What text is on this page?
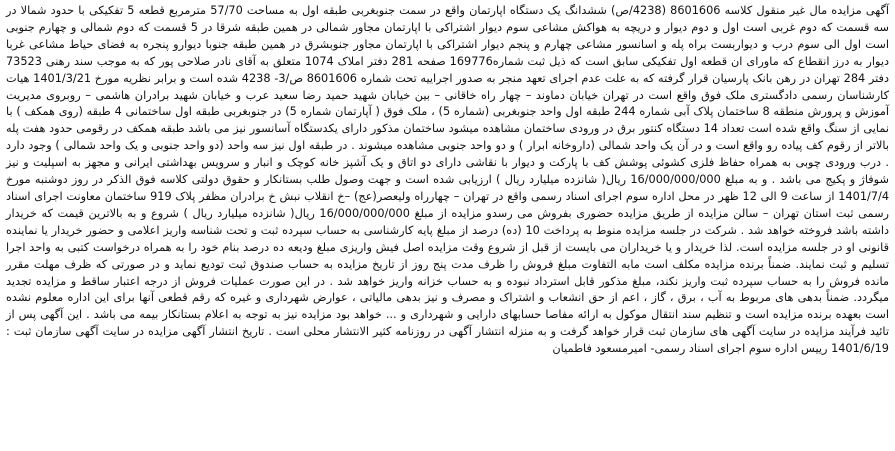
آگهی مزایده مال غیر منقول کلاسه 8601606 (4238/ص) ششدانگ یک دستگاه اپارتمان واقع در سمت جنوبغربی طبقه اول به مساحت 57/70 مترمربع قطعه 5 تفکیکی با حدود شمالا در سه قسمت که دوم غربی است اول و دوم دیوار و دریچه به هواکش مشاعی سوم دیوار اشتراکی با اپارتمان مجاور شمالی در همین طبقه شرقا در 5 قسمت که دوم شمالی و چهارم جنوبی است اول الی سوم درب و دیواربست براه پله و اسانسور مشاعی چهارم و پنجم دیوار اشتراکی با اپارتمان مجاور جنوبشرق در همین طبقه جنوبا دیوارو پنجره به فضای حیاط مشاعی غربا دیوار به درز انقطاع که ماورای ان قطعه اول تفکیکی سابق است که ذیل ثبت شماره169776 صفحه 281 دفتر املاک 1074 متعلق به آقای نادر صلاحی پور که به موجب سند رهنی 73523 دفتر 284 تهران در رهن بانک پارسیان قرار گرفته که به علت عدم اجرای تعهد منجر به صدور اجراییه تحت شماره 8601606 ص/3- 4238 شده است و برابر نظریه مورخ 1401/3/21 هیات کارشناسان رسمی دادگستری ملک فوق واقع است در تهران خیابان دماوند – چهار راه خاقانی – بین خیابان شهید حمید رضا سعید عرب و خیابان شهید برادران هاشمی – روبروی مدیریت آموزش و پرورش منطقه 8 ساختمان پلاک آبی شماره 244 طبقه اول واحد جنوبغربی (شماره 5) ، ملک فوق ( آپارتمان شماره 5) در جنوبغربی طبقه اول ساختمانی 4 طبقه (روی همکف ) با نمایی از سنگ واقع شده است تعداد 14 دستگاه کنتور برق در ورودی ساختمان مشاهده میشود ساختمان مذکور دارای یکدستگاه آسانسور نیز می باشد طبقه همکف در رقومی حدود هفت پله بالاتر از رقوم کف پیاده رو واقع است و در آن یک واحد شمالی (داروخانه ابرار ) و دو واحد جنوبی مشاهده میشوند . در طبقه اول نیز سه واحد (دو واحد جنوبی و یک واحد شمالی ) وجود دارد . درب ورودی چوبی به همراه حفاظ فلزی کشوئی پوشش کف با پارکت و دیوار با نقاشی دارای دو اتاق و یک آشپز خانه کوچک و انبار و سرویس بهداشتی ایرانی و مجهز به اسپلیت و نیز شوفاژ و پکیج می باشد . و به مبلغ 16/000/000/000 ریال( شانزده میلیارد ریال ) ارزیابی شده است و جهت وصول طلب بستانکار و حقوق دولتی کلاسه فوق الذکر در روز دوشنبه مورخ 1401/7/4 از ساعت 9 الی 12 ظهر در محل اداره سوم اجرای اسناد رسمی واقع در تهران – چهارراه ولیعصر(عج) –خ انقلاب نبش خ برادران مظفر پلاک 919 ساختمان معاونت اجرای اسناد رسمی ثبت استان تهران – سالن مزایده از طریق مزایده حضوری بفروش می رسدو مزایده از مبلغ 16/000/000/000 ریال( شانزده میلیارد ریال ) شروع و به بالاترین قیمت که خریدار داشته باشد فروخته خواهد شد . شرکت در جلسه مزایده منوط به پرداخت 10 (ده) درصد از مبلغ پایه کارشناسی به حساب سپرده ثبت و تحت شناسه واریز اعلامی و حضور خریدار یا نماینده قانونی او در جلسه مزایده است. لذا خریدار و یا خریداران می بایست از قبل از شروع وقت مزایده اصل فیش واریزی مبلغ ودیعه ده درصد بنام خود را به همراه درخواست کتبی به واحد اجرا تسلیم و ثبت نمایند. ضمناً برنده مزایده مکلف است مابه التفاوت مبلغ فروش را ظرف مدت پنج روز از تاریخ مزایده به حساب صندوق ثبت تودیع نماید و در صورتی که ظرف مهلت مقرر مانده فروش را به حساب سپرده ثبت واریز نکند، مبلغ مذکور قابل استرداد نبوده و به حساب خزانه واریز خواهد شد . در این صورت عملیات فروش از درجه اعتبار ساقط و مزایده تجدید میگردد. ضمناً بدهی های مربوط به آب ، برق ، گاز ، اعم از حق انشعاب و اشتراک و مصرف و نیز بدهی مالیاتی ، عوارض شهرداری و غیره که رقم قطعی آنها برای این اداره معلوم نشده است بعهده برنده مزایده است و تنظیم سند انتقال موکول به ارائه مفاصا حسابهای دارایی و شهرداری و ... خواهد بود مزایده نیز به توجه به اعلام بستانکار بیمه می باشد . این آگهی پس از تائید فرآیند مزایده در سایت آگهی های سازمان ثبت قرار خواهد گرفت و به منزله انتشار آگهی در روزنامه کثیر الانتشار محلی است . تاریخ انتشار آگهی مزایده در سایت آگهی سازمان ثبت : 1401/6/19 رییس اداره سوم اجرای اسناد رسمی- امیرمسعود فاطمیان
